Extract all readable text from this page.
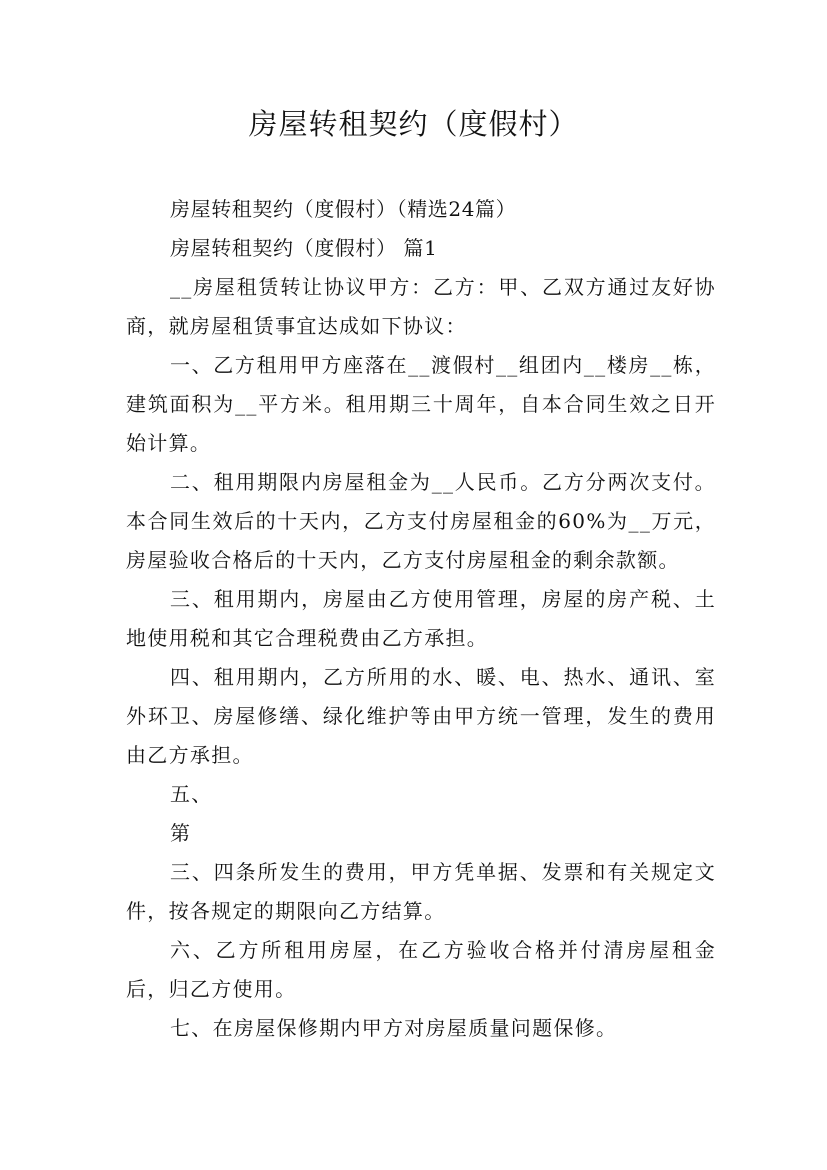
房屋转租契约（度假村）

房屋转租契约（度假村）（精选24篇）

房屋转租契约（度假村） 篇1

__房屋租赁转让协议甲方：乙方：甲、乙双方通过友好协商，就房屋租赁事宜达成如下协议：

一、乙方租用甲方座落在__渡假村__组团内__楼房__栋，建筑面积为__平方米。租用期三十周年，自本合同生效之日开始计算。

二、租用期限内房屋租金为__人民币。乙方分两次支付。本合同生效后的十天内，乙方支付房屋租金的60%为__万元，房屋验收合格后的十天内，乙方支付房屋租金的剩余款额。

三、租用期内，房屋由乙方使用管理，房屋的房产税、土地使用税和其它合理税费由乙方承担。

四、租用期内，乙方所用的水、暖、电、热水、通讯、室外环卫、房屋修缮、绿化维护等由甲方统一管理，发生的费用由乙方承担。

五、

第

三、四条所发生的费用，甲方凭单据、发票和有关规定文件，按各规定的期限向乙方结算。

六、乙方所租用房屋，在乙方验收合格并付清房屋租金后，归乙方使用。

七、在房屋保修期内甲方对房屋质量问题保修。
